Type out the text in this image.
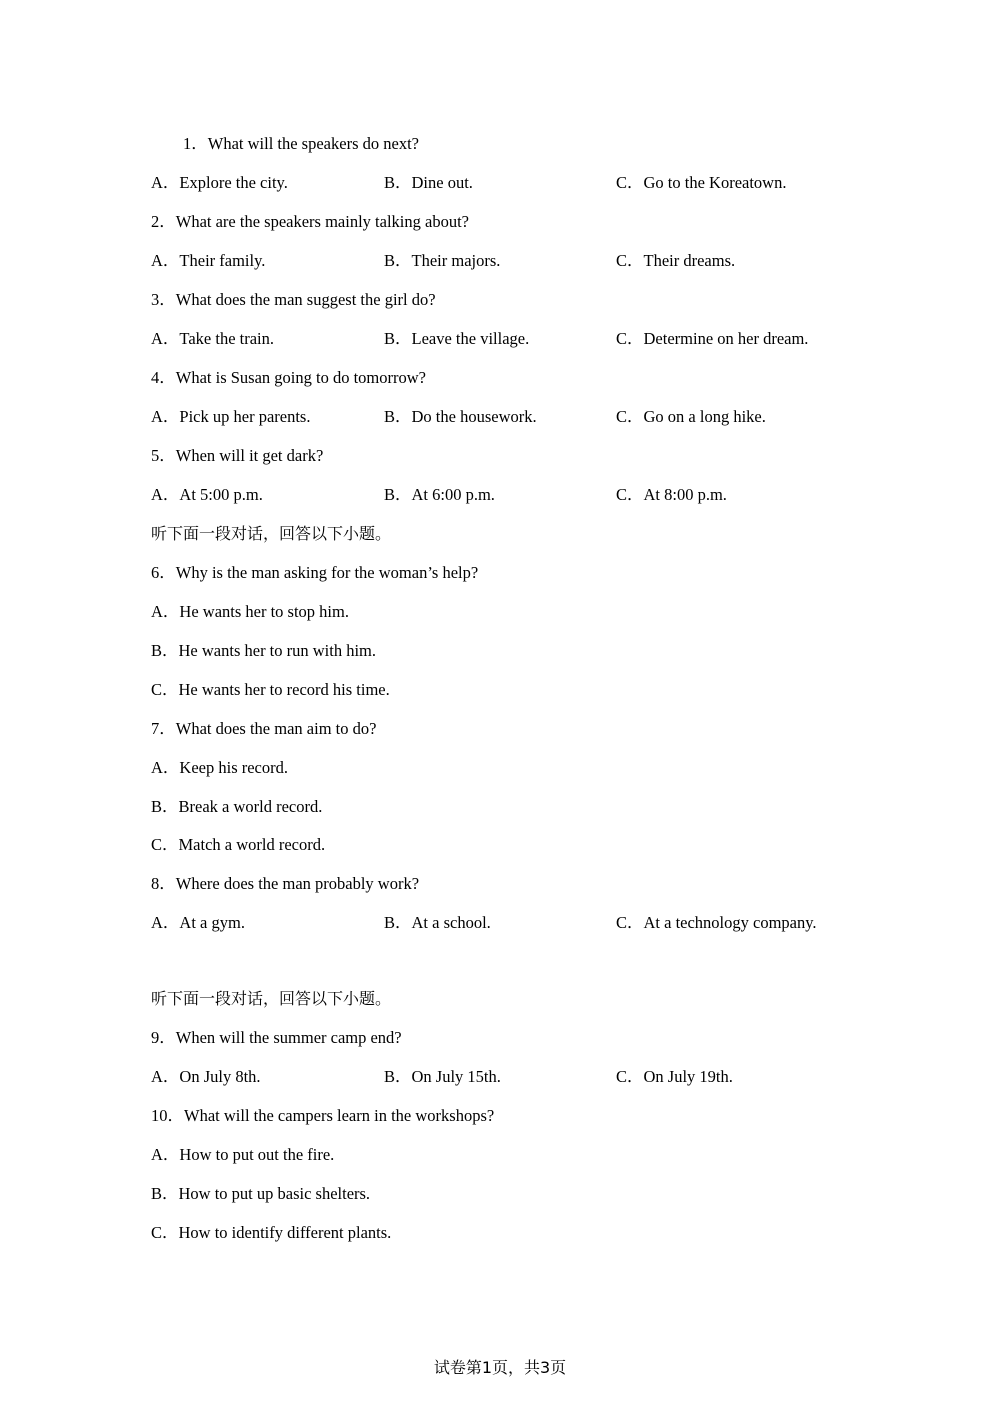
1．What will the speakers do next?
A．Explore the city.	B．Dine out.	C．Go to the Koreatown.
2．What are the speakers mainly talking about?
A．Their family.	B．Their majors.	C．Their dreams.
3．What does the man suggest the girl do?
A．Take the train.	B．Leave the village.	C．Determine on her dream.
4．What is Susan going to do tomorrow?
A．Pick up her parents.	B．Do the housework.	C．Go on a long hike.
5．When will it get dark?
A．At 5:00 p.m.	B．At 6:00 p.m.	C．At 8:00 p.m.
听下面一段对话，回答以下小题。
6．Why is the man asking for the woman’s help?
A．He wants her to stop him.
B．He wants her to run with him.
C．He wants her to record his time.
7．What does the man aim to do?
A．Keep his record.
B．Break a world record.
C．Match a world record.
8．Where does the man probably work?
A．At a gym.	B．At a school.	C．At a technology company.
听下面一段对话，回答以下小题。
9．When will the summer camp end?
A．On July 8th.	B．On July 15th.	C．On July 19th.
10．What will the campers learn in the workshops?
A．How to put out the fire.
B．How to put up basic shelters.
C．How to identify different plants.
试卷第1页，共3页
